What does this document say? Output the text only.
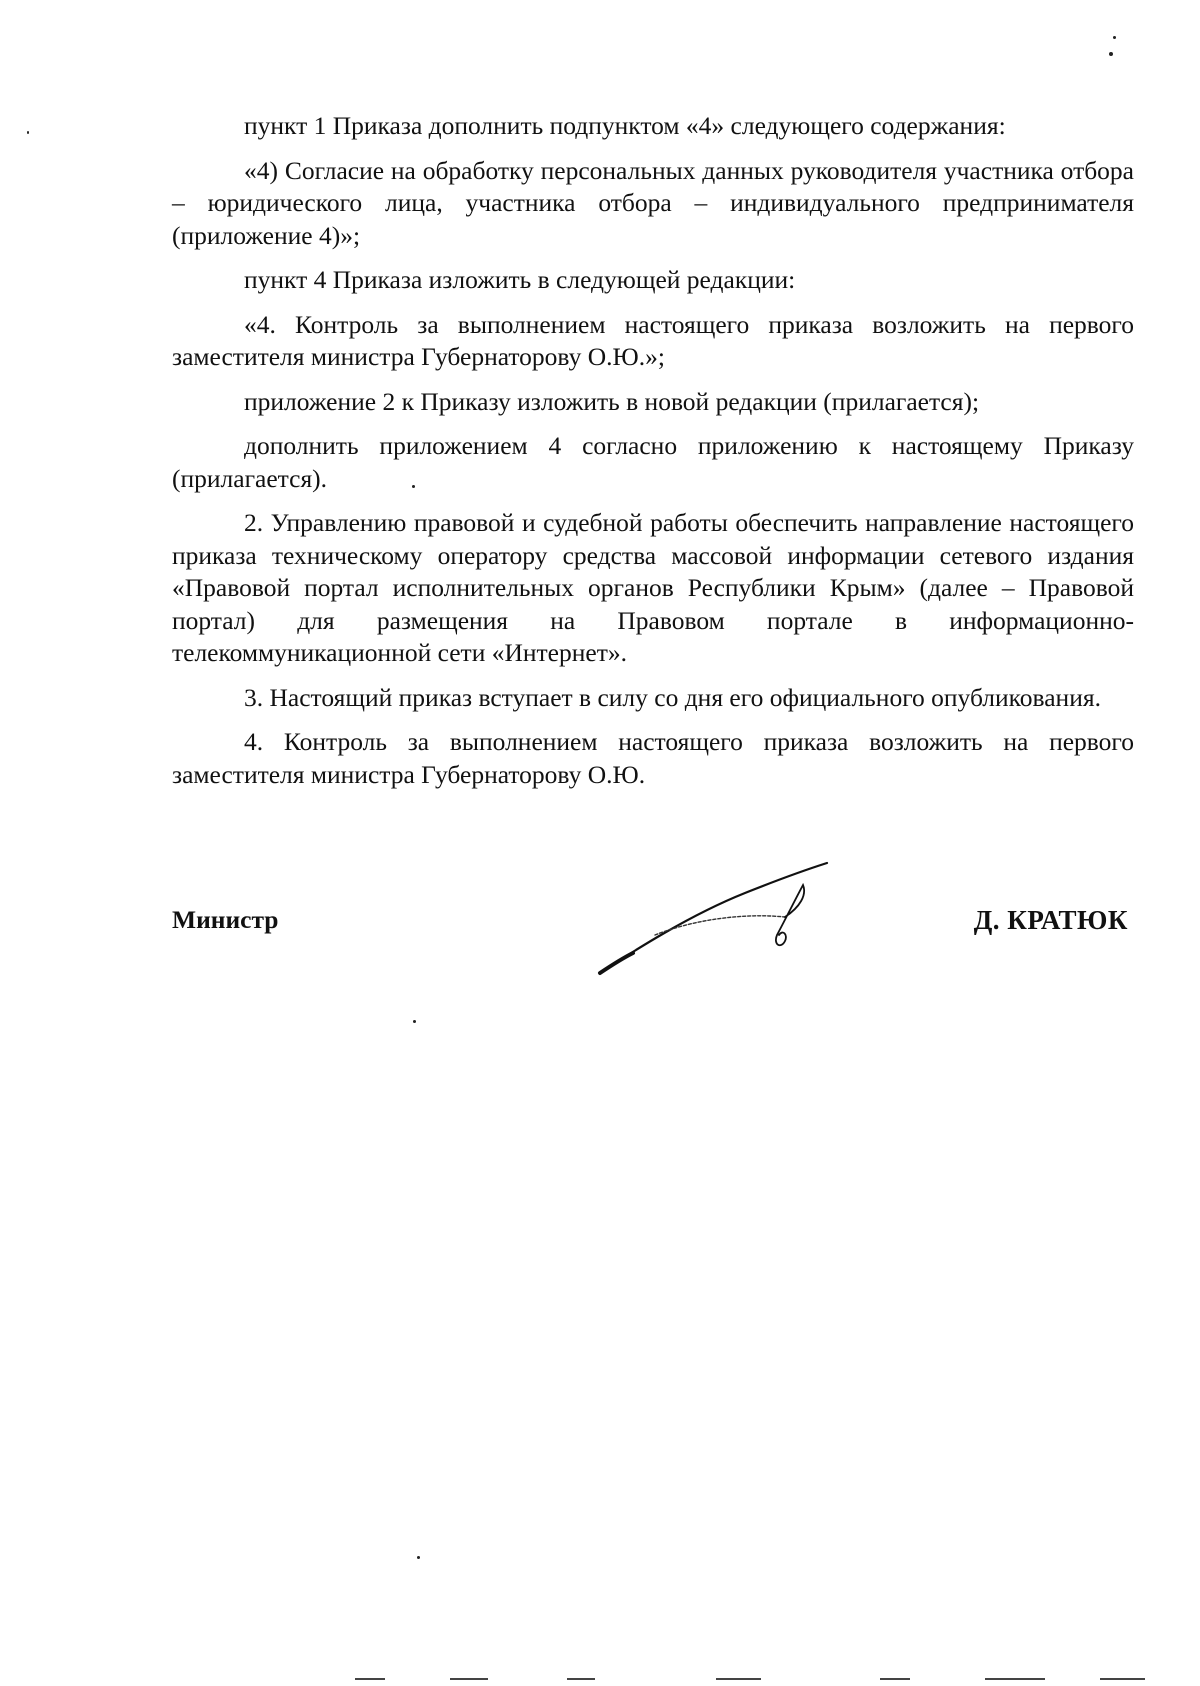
пункт 1 Приказа дополнить подпунктом «4» следующего содержания:

«4) Согласие на обработку персональных данных руководителя участника отбора – юридического лица, участника отбора – индивидуального предпринимателя (приложение 4)»;

пункт 4 Приказа изложить в следующей редакции:

«4. Контроль за выполнением настоящего приказа возложить на первого заместителя министра Губернаторову О.Ю.»;

приложение 2 к Приказу изложить в новой редакции (прилагается);

дополнить приложением 4 согласно приложению к настоящему Приказу (прилагается).

2. Управлению правовой и судебной работы обеспечить направление настоящего приказа техническому оператору средства массовой информации сетевого издания «Правовой портал исполнительных органов Республики Крым» (далее – Правовой портал) для размещения на Правовом портале в информационно-телекоммуникационной сети «Интернет».

3. Настоящий приказ вступает в силу со дня его официального опубликования.

4. Контроль за выполнением настоящего приказа возложить на первого заместителя министра Губернаторову О.Ю.

Министр	Д. КРАТЮК
